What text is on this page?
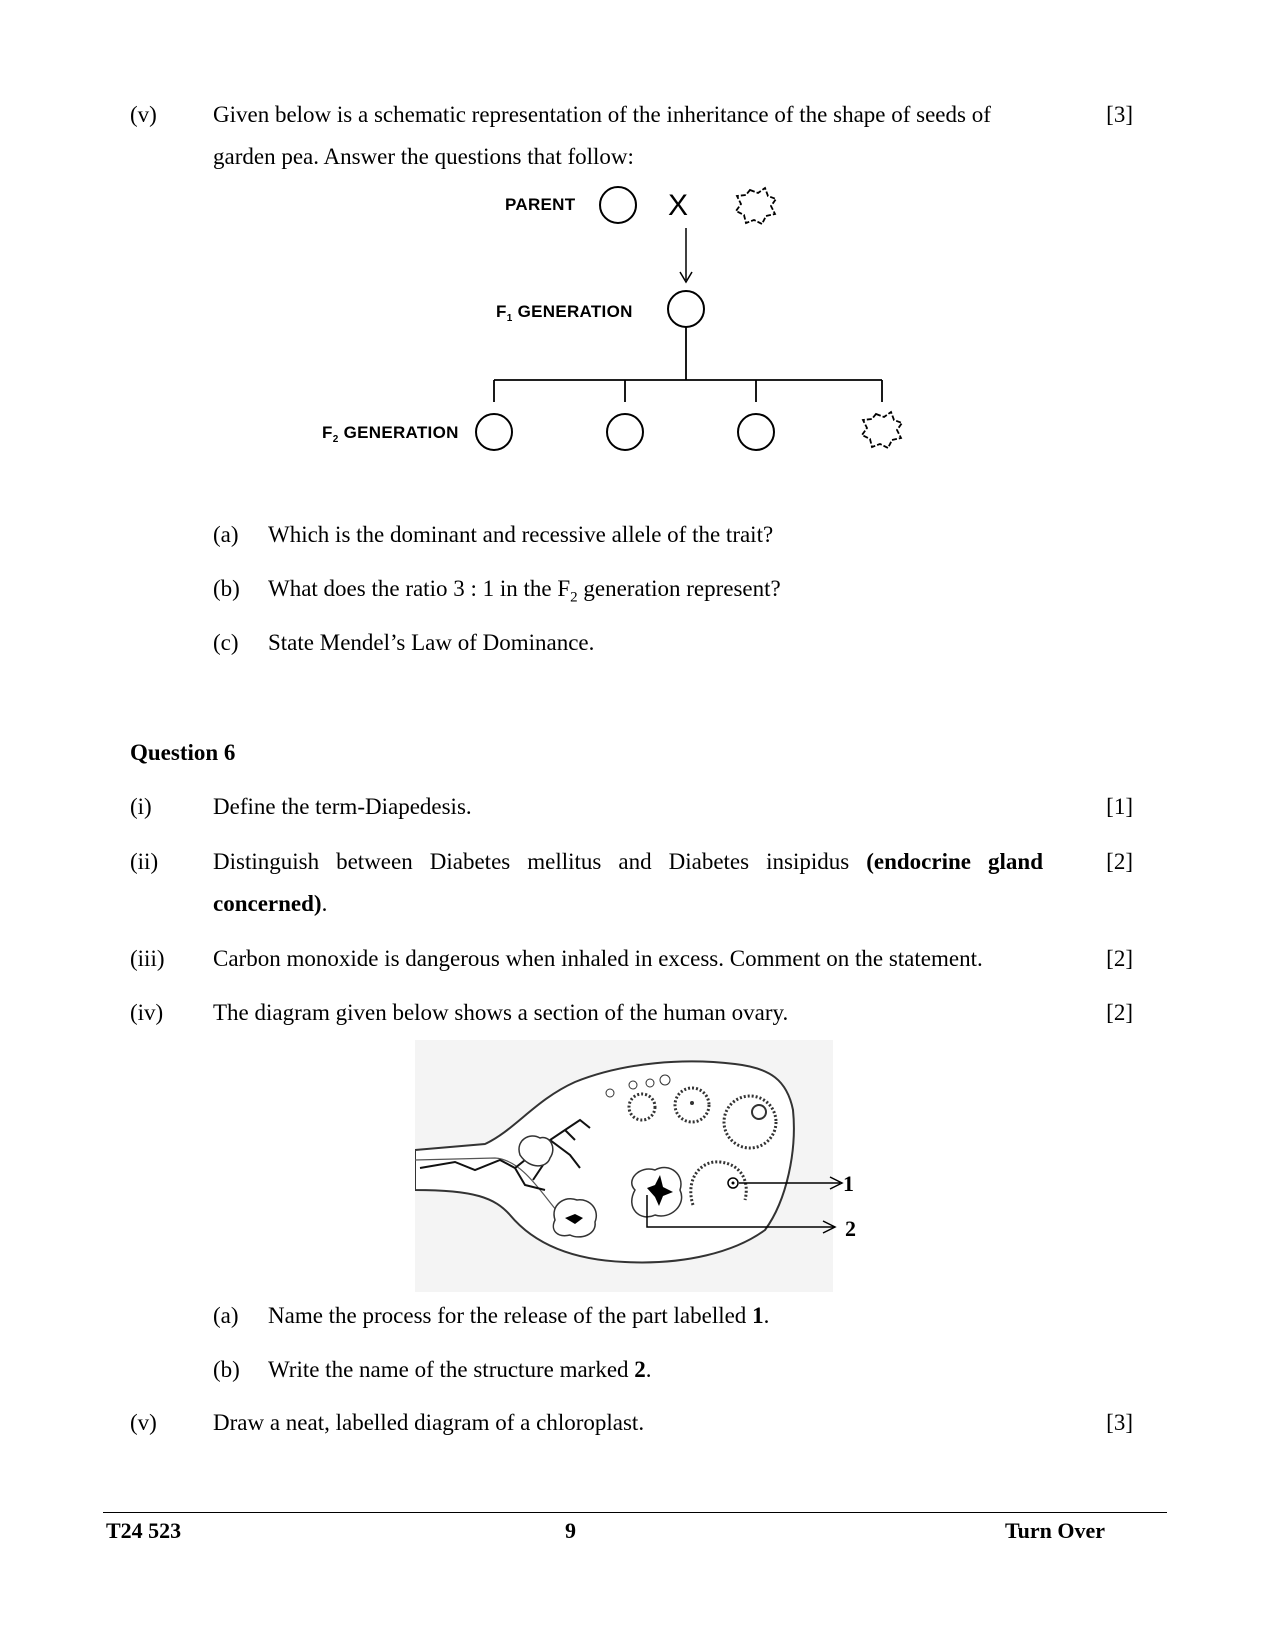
(v) Given below is a schematic representation of the inheritance of the shape of seeds of
garden pea. Answer the questions that follow:
[3]
PARENT	X
$F_1$ GENERATION
$F_2$ GENERATION
(a) Which is the dominant and recessive allele of the trait?
(b) What does the ratio 3 : 1 in the $F_2$ generation represent?
(c) State Mendel’s Law of Dominance.
Question 6
(i)	Define the term-Diapedesis.	[1]
(ii) Distinguish between Diabetes mellitus and Diabetes insipidus (endocrine gland
concerned).
[2]
(iii) Carbon monoxide is dangerous when inhaled in excess. Comment on the statement.	[2]
(iv) The diagram given below shows a section of the human ovary.	[2]
1
2
(a) Name the process for the release of the part labelled 1.
(b) Write the name of the structure marked 2.
(v) Draw a neat, labelled diagram of a chloroplast.	[3]
T24 523	9	Turn Over
